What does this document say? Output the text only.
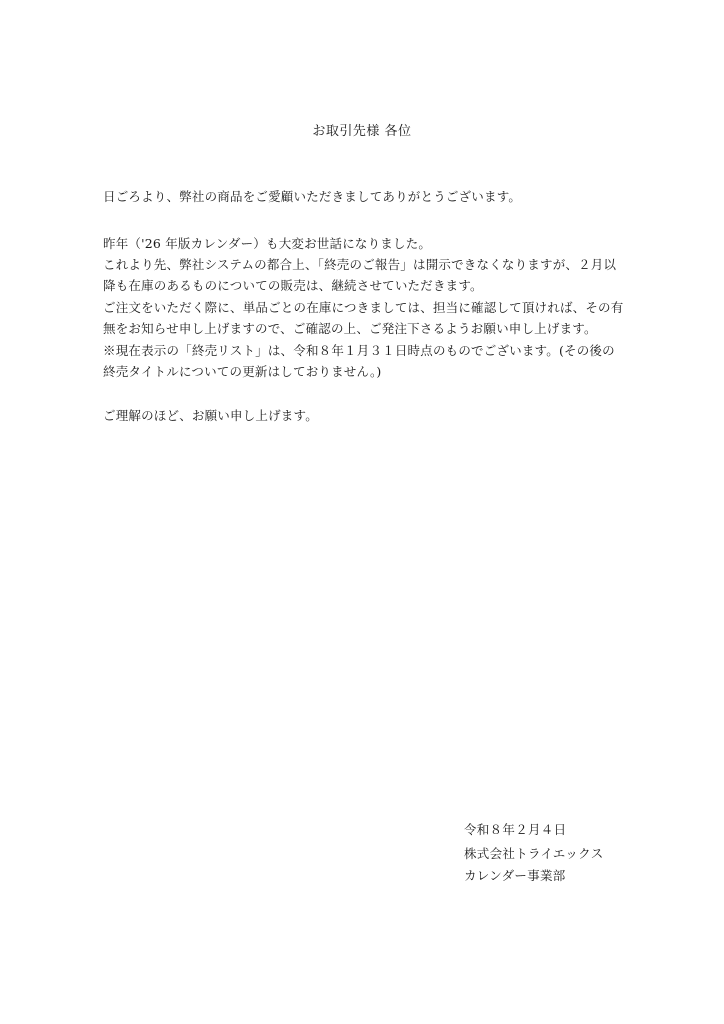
お取引先様 各位
日ごろより、弊社の商品をご愛顧いただきましてありがとうございます。
昨年（'26 年版カレンダー）も大変お世話になりました。
これより先、弊社システムの都合上、「終売のご報告」は開示できなくなりますが、２月以
降も在庫のあるものについての販売は、継続させていただきます。
ご注文をいただく際に、単品ごとの在庫につきましては、担当に確認して頂ければ、その有
無をお知らせ申し上げますので、ご確認の上、ご発注下さるようお願い申し上げます。
※現在表示の「終売リスト」は、令和８年１月３１日時点のものでございます。(その後の
終売タイトルについての更新はしておりません。)
ご理解のほど、お願い申し上げます。
令和８年２月４日
株式会社トライエックス
カレンダー事業部
